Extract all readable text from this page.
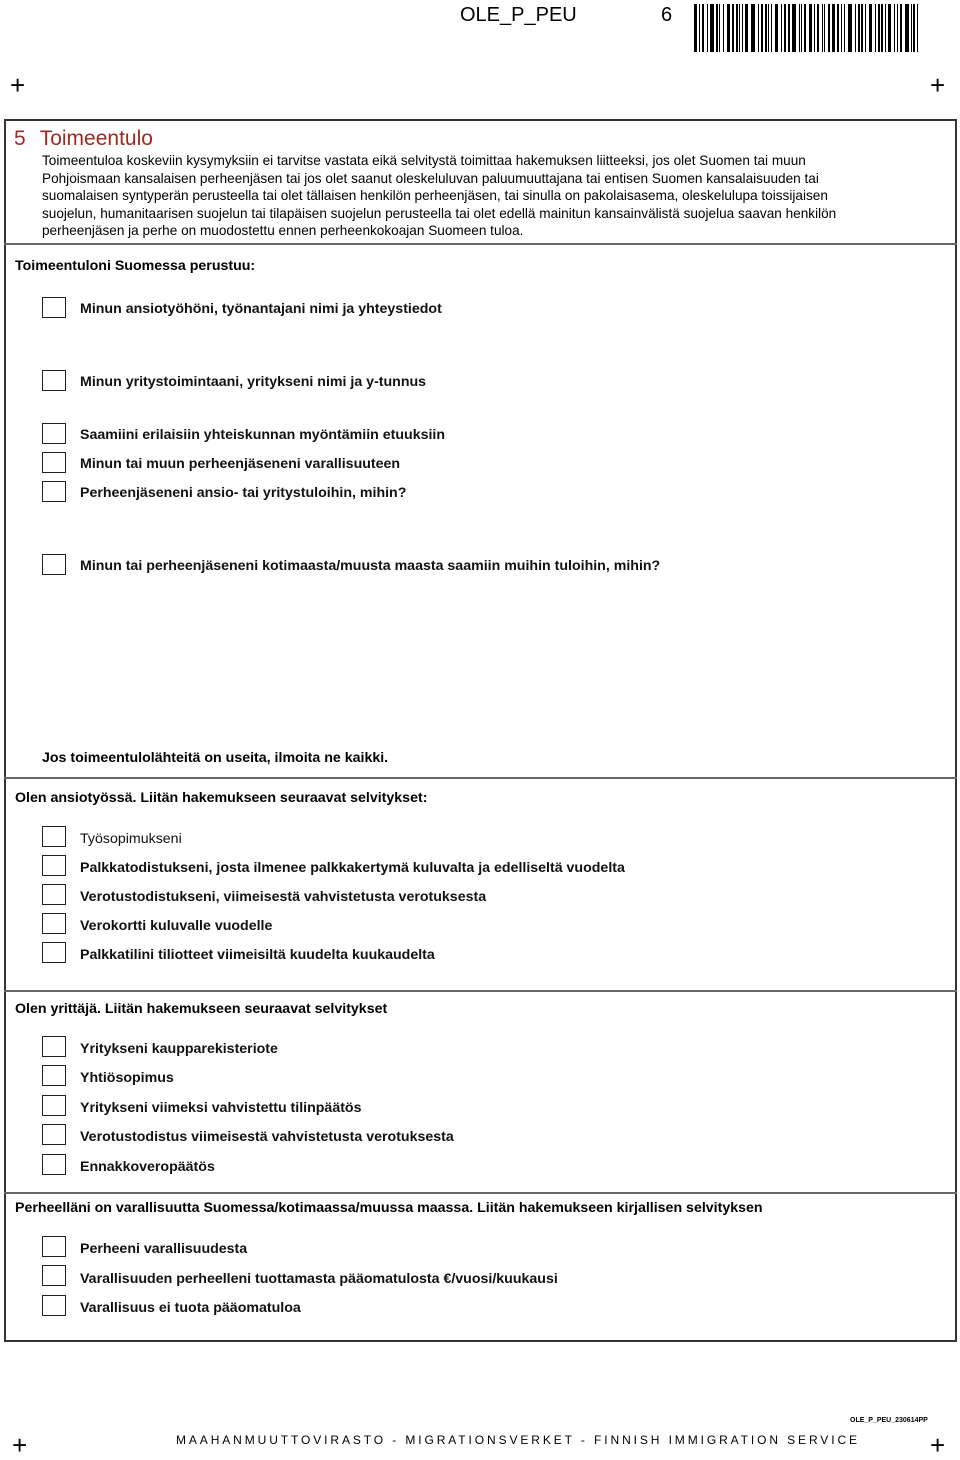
OLE_P_PEU	6
+	+
+	+
5 Toimeentulo
Toimeentuloa koskeviin kysymyksiin ei tarvitse vastata eikä selvitystä toimittaa hakemuksen liitteeksi, jos olet Suomen tai muun
Pohjoismaan kansalaisen perheenjäsen tai jos olet saanut oleskeluluvan paluumuuttajana tai entisen Suomen kansalaisuuden tai
suomalaisen syntyperän perusteella tai olet tällaisen henkilön perheenjäsen, tai sinulla on pakolaisasema, oleskelulupa toissijaisen
suojelun, humanitaarisen suojelun tai tilapäisen suojelun perusteella tai olet edellä mainitun kansainvälistä suojelua saavan henkilön
perheenjäsen ja perhe on muodostettu ennen perheenkokoajan Suomeen tuloa.
Toimeentuloni Suomessa perustuu:
Minun ansiotyöhöni, työnantajani nimi ja yhteystiedot
Minun yritystoimintaani, yritykseni nimi ja y-tunnus
Saamiini erilaisiin yhteiskunnan myöntämiin etuuksiin
Minun tai muun perheenjäseneni varallisuuteen
Perheenjäseneni ansio- tai yritystuloihin, mihin?
Minun tai perheenjäseneni kotimaasta/muusta maasta saamiin muihin tuloihin, mihin?
Jos toimeentulolähteitä on useita, ilmoita ne kaikki.
Olen ansiotyössä. Liitän hakemukseen seuraavat selvitykset:
Työsopimukseni
Palkkatodistukseni, josta ilmenee palkkakertymä kuluvalta ja edelliseltä vuodelta
Verotustodistukseni, viimeisestä vahvistetusta verotuksesta
Verokortti kuluvalle vuodelle
Palkkatilini tiliotteet viimeisiltä kuudelta kuukaudelta
Olen yrittäjä. Liitän hakemukseen seuraavat selvitykset
Yritykseni kaupparekisteriote
Yhtiösopimus
Yritykseni viimeksi vahvistettu tilinpäätös
Verotustodistus viimeisestä vahvistetusta verotuksesta
Ennakkoveropäätös
Perheelläni on varallisuutta Suomessa/kotimaassa/muussa maassa. Liitän hakemukseen kirjallisen selvityksen
Perheeni varallisuudesta
Varallisuuden perheelleni tuottamasta pääomatulosta €/vuosi/kuukausi
Varallisuus ei tuota pääomatuloa
OLE_P_PEU_230614PP
MAAHANMUUTTOVIRASTO - MIGRATIONSVERKET - FINNISH IMMIGRATION SERVICE
